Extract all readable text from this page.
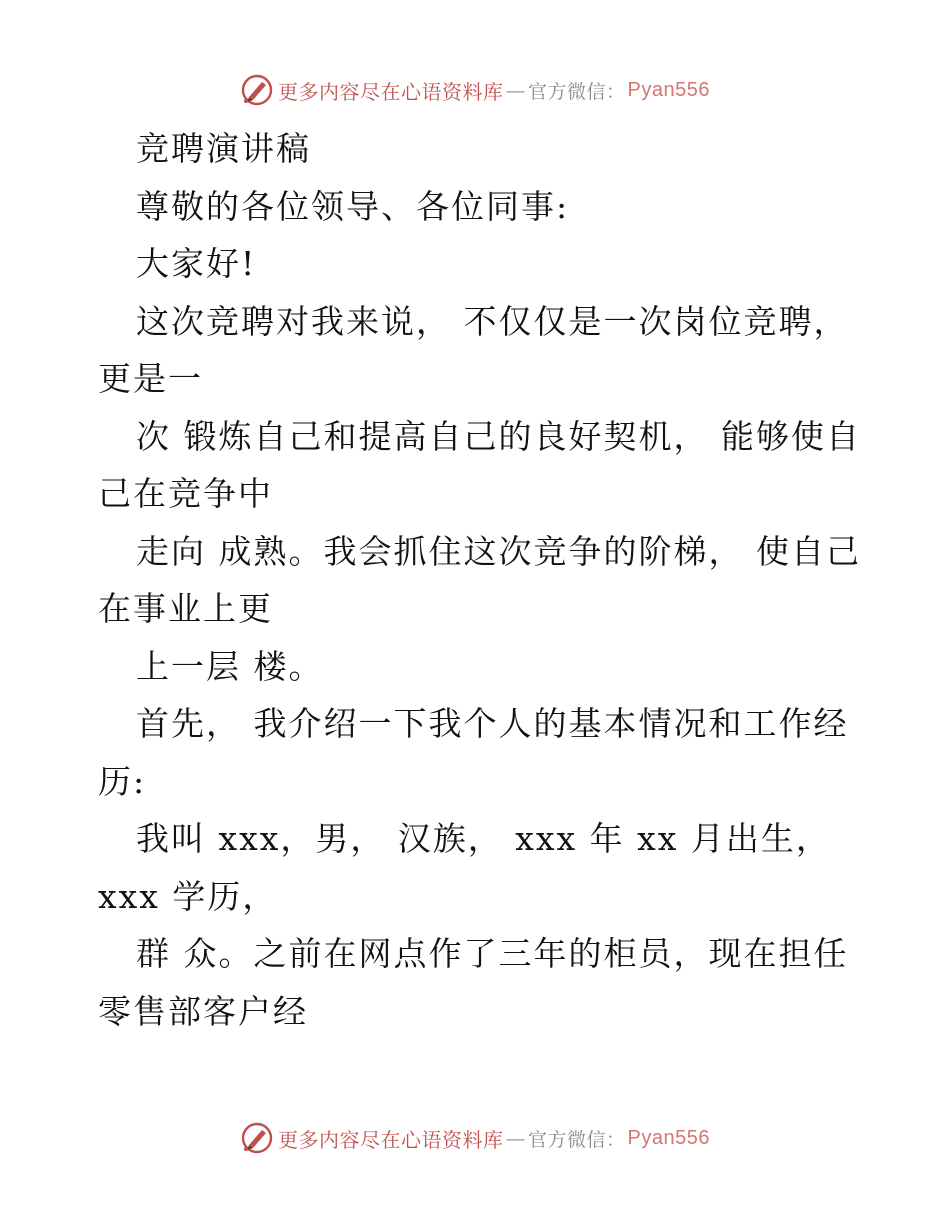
更多内容尽在心语资料库 — 官方微信： Pyan556
竞聘演讲稿
尊敬的各位领导、各位同事:
大家好!
这次竞聘对我来说， 不仅仅是一次岗位竞聘，
更是一
次 锻炼自己和提高自己的良好契机， 能够使自
己在竞争中
走向 成熟。我会抓住这次竞争的阶梯， 使自己
在事业上更
上一层 楼。
首先， 我介绍一下我个人的基本情况和工作经
历:
我叫 xxx，男， 汉族， xxx 年 xx 月出生，
xxx 学历，
群 众。之前在网点作了三年的柜员，现在担任
零售部客户经
更多内容尽在心语资料库 — 官方微信： Pyan556
